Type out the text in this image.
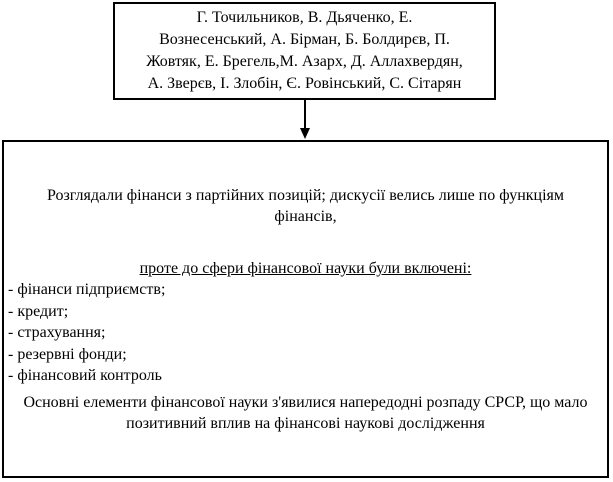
Г. Точильников, В. Дьяченко, Е.
Вознесенський, А. Бірман, Б. Болдирєв, П.
Жовтяк, Е. Брегель,М. Азарх, Д. Аллахвердян,
А. Зверєв, І. Злобін, Є. Ровінський, С. Сітарян
Розглядали фінанси з партійних позицій; дискусії велись лише по функціям фінансів,
проте до сфери фінансової науки були включені:
- фінанси підприємств;
- кредит;
- страхування;
- резервні фонди;
- фінансовий контроль
Основні елементи фінансової науки з'явилися напередодні розпаду СРСР, що мало позитивний вплив на фінансові наукові дослідження
